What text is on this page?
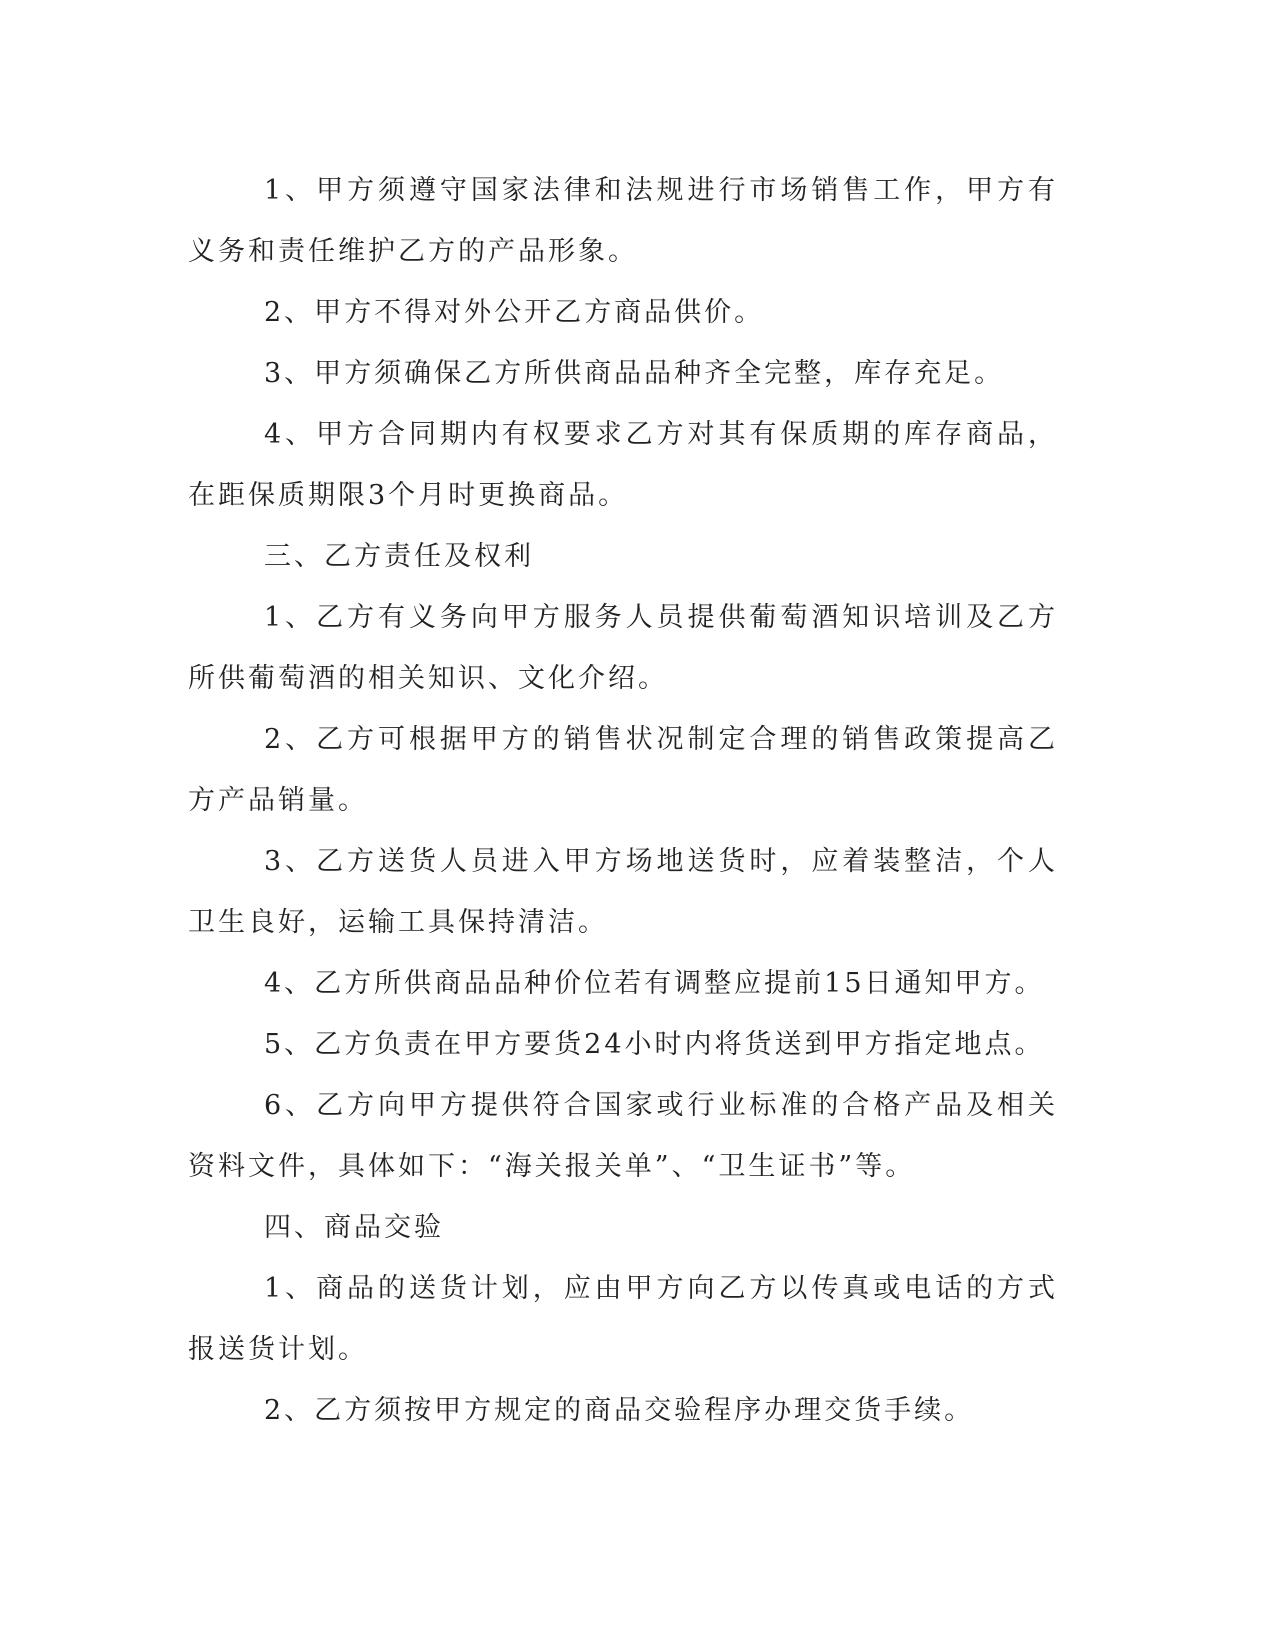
1、甲方须遵守国家法律和法规进行市场销售工作，甲方有义务和责任维护乙方的产品形象。

2、甲方不得对外公开乙方商品供价。

3、甲方须确保乙方所供商品品种齐全完整，库存充足。

4、甲方合同期内有权要求乙方对其有保质期的库存商品，在距保质期限3个月时更换商品。

三、乙方责任及权利

1、乙方有义务向甲方服务人员提供葡萄酒知识培训及乙方所供葡萄酒的相关知识、文化介绍。

2、乙方可根据甲方的销售状况制定合理的销售政策提高乙方产品销量。

3、乙方送货人员进入甲方场地送货时，应着装整洁，个人卫生良好，运输工具保持清洁。

4、乙方所供商品品种价位若有调整应提前15日通知甲方。

5、乙方负责在甲方要货24小时内将货送到甲方指定地点。

6、乙方向甲方提供符合国家或行业标准的合格产品及相关资料文件，具体如下：“海关报关单”、“卫生证书”等。

四、商品交验

1、商品的送货计划，应由甲方向乙方以传真或电话的方式报送货计划。

2、乙方须按甲方规定的商品交验程序办理交货手续。
